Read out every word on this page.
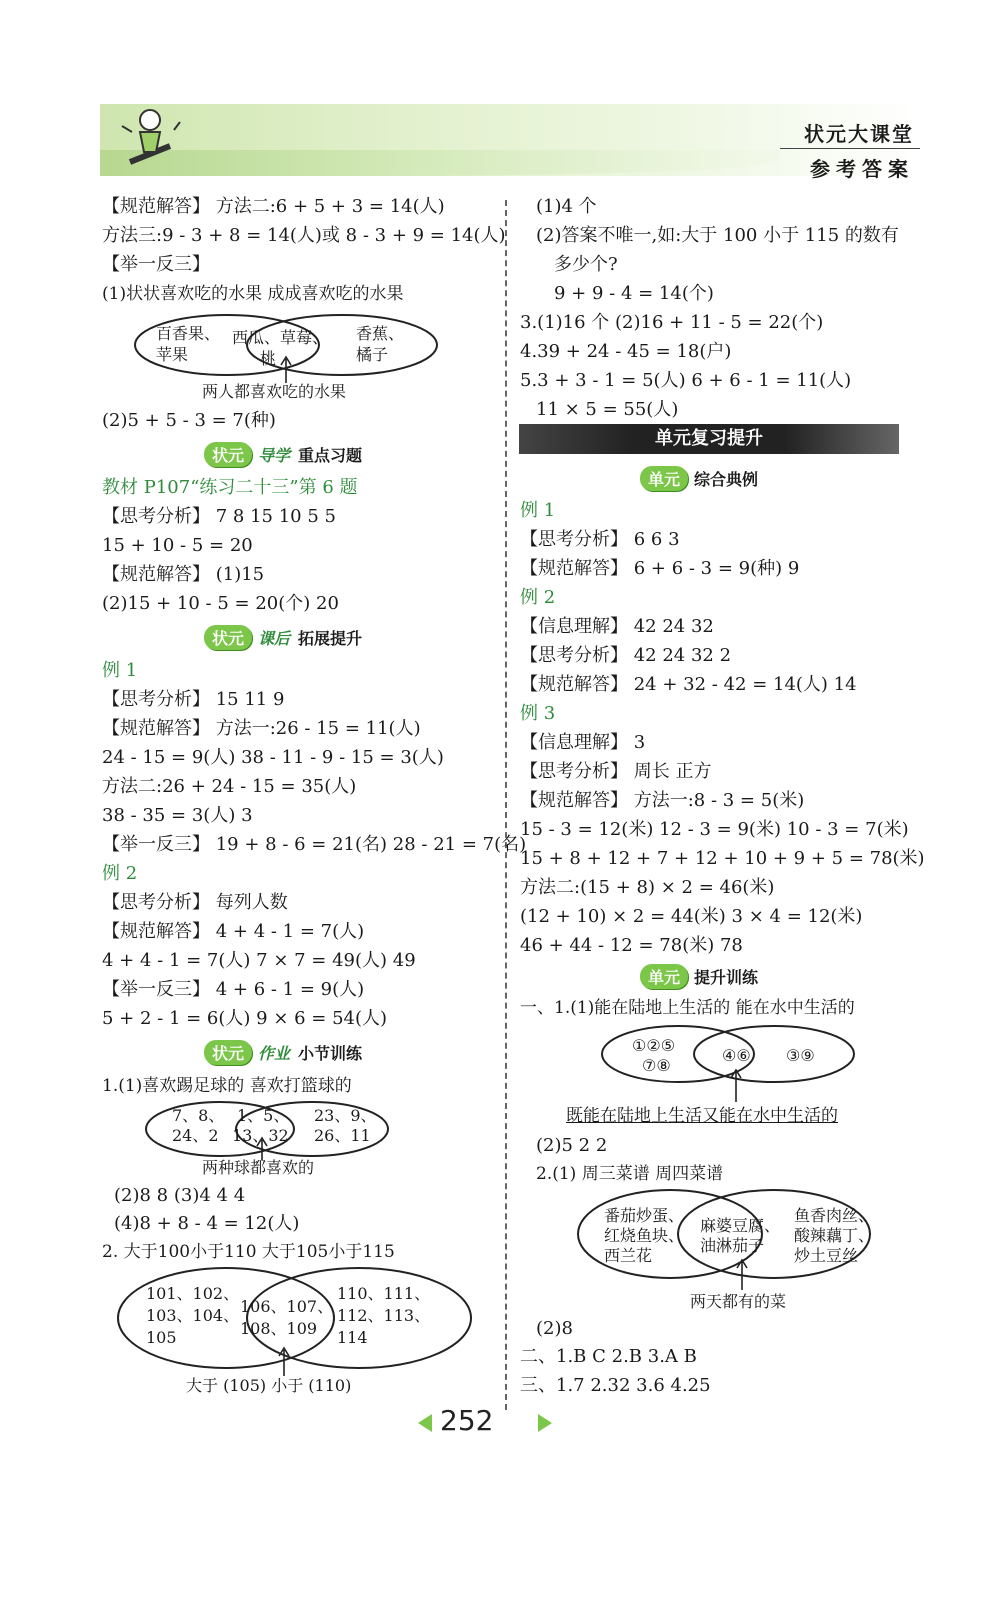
状元大课堂
参考答案
【规范解答】 方法二:6 + 5 + 3 = 14(人)
方法三:9 - 3 + 8 = 14(人)或 8 - 3 + 9 = 14(人)
【举一反三】
(1)状状喜欢吃的水果 成成喜欢吃的水果
百香果、
苹果
西瓜、草莓、
桃
香蕉、
橘子
两人都喜欢吃的水果
(2)5 + 5 - 3 = 7(种)
状元 导学 重点习题
教材 P107“练习二十三”第 6 题
【思考分析】 7 8 15 10 5 5
15 + 10 - 5 = 20
【规范解答】 (1)15
(2)15 + 10 - 5 = 20(个) 20
状元 课后 拓展提升
例 1
【思考分析】 15 11 9
【规范解答】 方法一:26 - 15 = 11(人)
24 - 15 = 9(人) 38 - 11 - 9 - 15 = 3(人)
方法二:26 + 24 - 15 = 35(人)
38 - 35 = 3(人) 3
【举一反三】 19 + 8 - 6 = 21(名) 28 - 21 = 7(名)
例 2
【思考分析】 每列人数
【规范解答】 4 + 4 - 1 = 7(人)
4 + 4 - 1 = 7(人) 7 × 7 = 49(人) 49
【举一反三】 4 + 6 - 1 = 9(人)
5 + 2 - 1 = 6(人) 9 × 6 = 54(人)
状元 作业 小节训练
1.(1)喜欢踢足球的 喜欢打篮球的
7、8、
24、2
1、5、
13、32
23、9、
26、11
两种球都喜欢的
(2)8 8 (3)4 4 4
(4)8 + 8 - 4 = 12(人)
2. 大于100小于110 大于105小于115
101、102、
103、104、
105
106、107、
108、109
110、111、
112、113、
114
大于 (105) 小于 (110)
(1)4 个
(2)答案不唯一,如:大于 100 小于 115 的数有
多少个?
9 + 9 - 4 = 14(个)
3.(1)16 个 (2)16 + 11 - 5 = 22(个)
4.39 + 24 - 45 = 18(户)
5.3 + 3 - 1 = 5(人) 6 + 6 - 1 = 11(人)
11 × 5 = 55(人)
单元复习提升
单元 综合典例
例 1
【思考分析】 6 6 3
【规范解答】 6 + 6 - 3 = 9(种) 9
例 2
【信息理解】 42 24 32
【思考分析】 42 24 32 2
【规范解答】 24 + 32 - 42 = 14(人) 14
例 3
【信息理解】 3
【思考分析】 周长 正方
【规范解答】 方法一:8 - 3 = 5(米)
15 - 3 = 12(米) 12 - 3 = 9(米) 10 - 3 = 7(米)
15 + 8 + 12 + 7 + 12 + 10 + 9 + 5 = 78(米)
方法二:(15 + 8) × 2 = 46(米)
(12 + 10) × 2 = 44(米) 3 × 4 = 12(米)
46 + 44 - 12 = 78(米) 78
单元 提升训练
一、1.(1)能在陆地上生活的 能在水中生活的
①②⑤
⑦⑧
④⑥ ③⑨
既能在陆地上生活又能在水中生活的
(2)5 2 2
2.(1) 周三菜谱 周四菜谱
番茄炒蛋、
红烧鱼块、
西兰花
麻婆豆腐、
油淋茄子
鱼香肉丝、
酸辣藕丁、
炒土豆丝
两天都有的菜
(2)8
二、1.B C 2.B 3.A B
三、1.7 2.32 3.6 4.25
252
